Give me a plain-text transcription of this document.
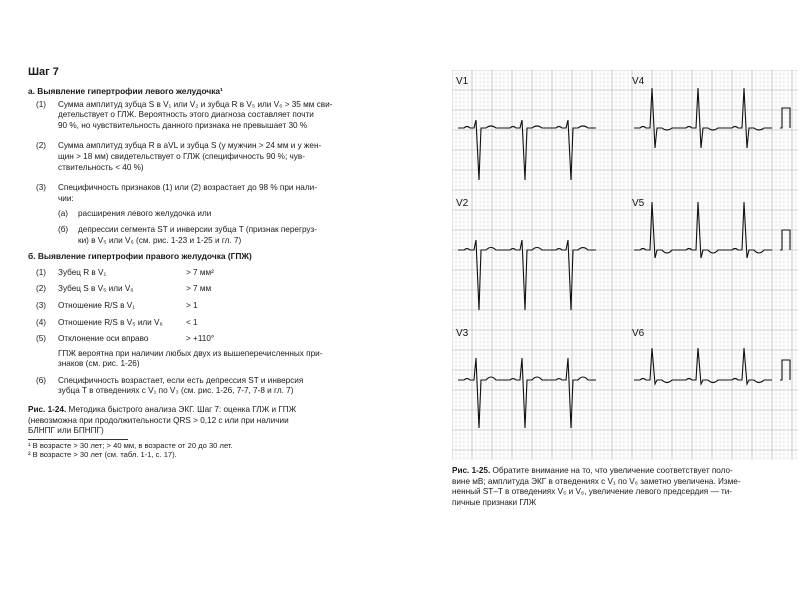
Шаг 7
а. Выявление гипертрофии левого желудочка¹
(1) Сумма амплитуд зубца S в V₁ или V₂ и зубца R в V₅ или V₆ > 35 мм сви-
детельствует о ГЛЖ. Вероятность этого диагноза составляет почти
90 %, но чувствительность данного признака не превышает 30 %
(2) Сумма амплитуд зубца R в aVL и зубца S (у мужчин > 24 мм и у жен-
щин > 18 мм) свидетельствует о ГЛЖ (специфичность 90 %; чув-
ствительность < 40 %)
(3) Специфичность признаков (1) или (2) возрастает до 98 % при нали-
чии:
(а) расширения левого желудочка или
(б) депрессии сегмента ST и инверсии зубца T (признак перегруз-
ки) в V₅ или V₆ (см. рис. 1-23 и 1-25 и гл. 7)
б. Выявление гипертрофии правого желудочка (ГПЖ)
(1) Зубец R в V₁	> 7 мм²
(2) Зубец S в V₅ или V₆	> 7 мм
(3) Отношение R/S в V₁	> 1
(4) Отношение R/S в V₅ или V₆	< 1
(5) Отклонение оси вправо	> +110°
ГПЖ вероятна при наличии любых двух из вышеперечисленных при-
знаков (см. рис. 1-26)
(6) Специфичность возрастает, если есть депрессия ST и инверсия
зубца T в отведениях с V₁ по V₃ (см. рис. 1-26, 7-7, 7-8 и гл. 7)
Рис. 1-24. Методика быстрого анализа ЭКГ. Шаг 7: оценка ГЛЖ и ГПЖ
(невозможна при продолжительности QRS > 0,12 с или при наличии
БЛНПГ или БПНПГ)
¹ В возрасте > 30 лет; > 40 мм, в возрасте от 20 до 30 лет.
² В возрасте > 30 лет (см. табл. 1-1, с. 17).
V1	V4
V2	V5
V3	V6
Рис. 1-25. Обратите внимание на то, что увеличение соответствует поло-
вине мВ; амплитуда ЭКГ в отведениях с V₁ по V₆ заметно увеличена. Изме-
ненный ST–T в отведениях V₅ и V₆, увеличение левого предсердия — ти-
пичные признаки ГЛЖ
